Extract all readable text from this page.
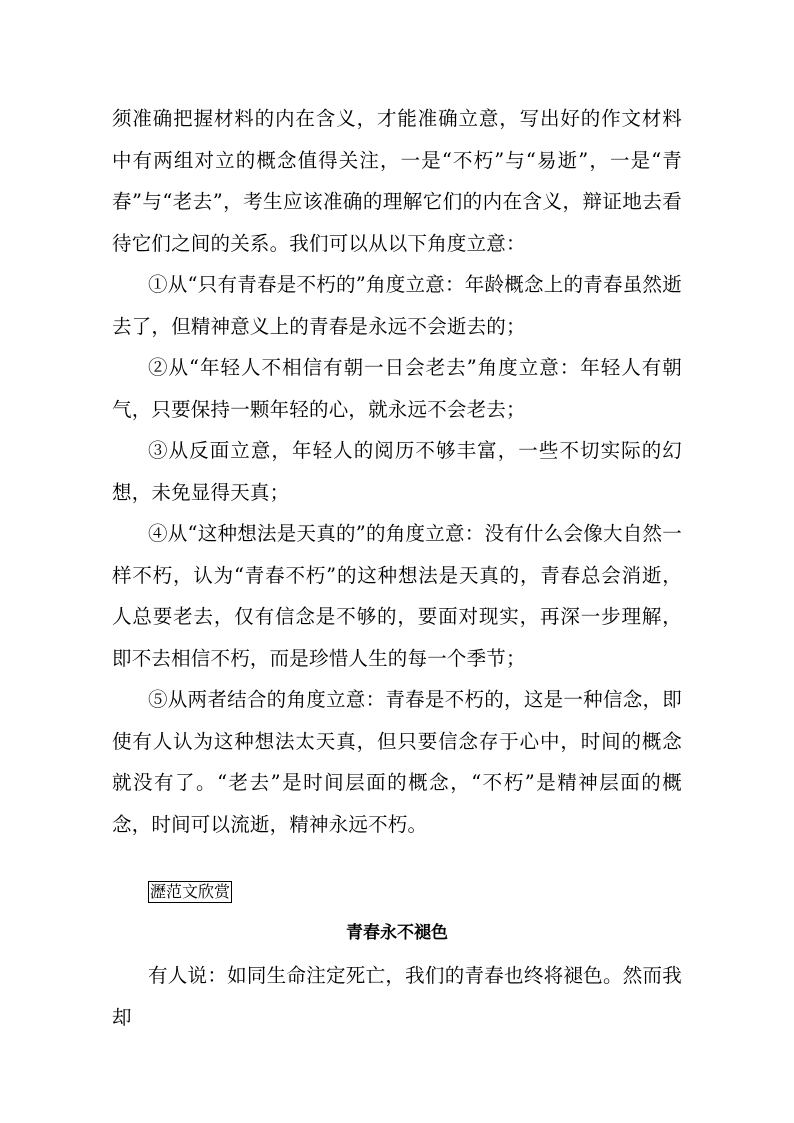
须准确把握材料的内在含义，才能准确立意，写出好的作文材料中有两组对立的概念值得关注，一是“不朽”与“易逝”，一是“青春”与“老去”，考生应该准确的理解它们的内在含义，辩证地去看待它们之间的关系。我们可以从以下角度立意：

①从“只有青春是不朽的”角度立意：年龄概念上的青春虽然逝去了，但精神意义上的青春是永远不会逝去的；

②从“年轻人不相信有朝一日会老去”角度立意：年轻人有朝气，只要保持一颗年轻的心，就永远不会老去；

③从反面立意，年轻人的阅历不够丰富，一些不切实际的幻想，未免显得天真；

④从“这种想法是天真的”的角度立意：没有什么会像大自然一样不朽，认为“青春不朽”的这种想法是天真的，青春总会消逝，人总要老去，仅有信念是不够的，要面对现实，再深一步理解，即不去相信不朽，而是珍惜人生的每一个季节；

⑤从两者结合的角度立意：青春是不朽的，这是一种信念，即使有人认为这种想法太天真，但只要信念存于心中，时间的概念就没有了。“老去”是时间层面的概念，“不朽”是精神层面的概念，时间可以流逝，精神永远不朽。

瀝范文欣赏
青春永不褪色

有人说：如同生命注定死亡，我们的青春也终将褪色。然而我却
